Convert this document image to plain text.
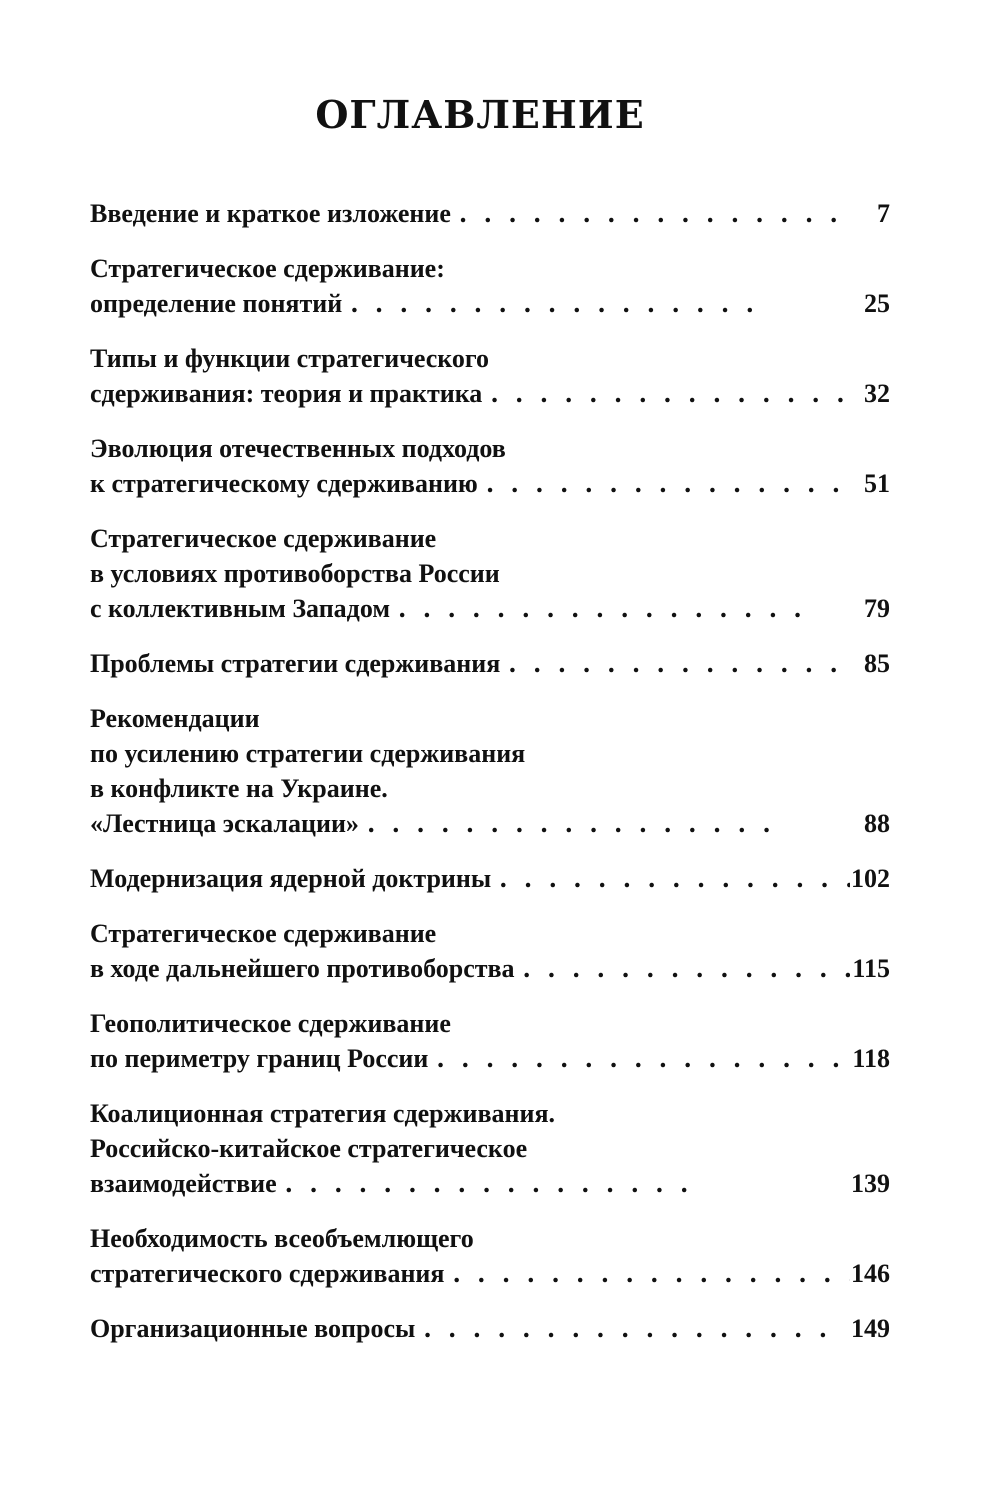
ОГЛАВЛЕНИЕ
Введение и краткое изложение . . .	7
Стратегическое сдерживание:
определение понятий . . .	25
Типы и функции стратегического
сдерживания: теория и практика . . .	32
Эволюция отечественных подходов
к стратегическому сдерживанию . . .	51
Стратегическое сдерживание
в условиях противоборства России
с коллективным Западом . . .	79
Проблемы стратегии сдерживания . . .	85
Рекомендации
по усилению стратегии сдерживания
в конфликте на Украине.
«Лестница эскалации» . . .	88
Модернизация ядерной доктрины . . .	102
Стратегическое сдерживание
в ходе дальнейшего противоборства . . .	115
Геополитическое сдерживание
по периметру границ России . . .	118
Коалиционная стратегия сдерживания.
Российско-китайское стратегическое
взаимодействие . . .	139
Необходимость всеобъемлющего
стратегического сдерживания . . .	146
Организационные вопросы . . .	149
